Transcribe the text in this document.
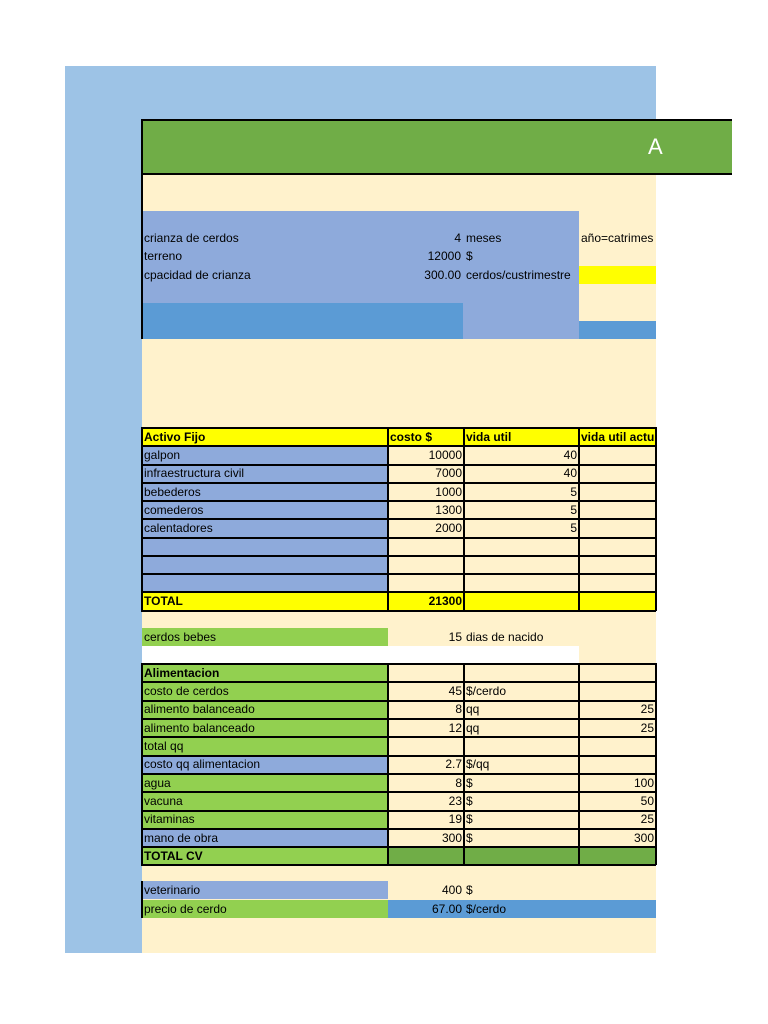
A
crianza de cerdos	4 meses	año=catrimes
terreno	12000 $
cpacidad de crianza	300.00 cerdos/custrimestre
Activo Fijo	costo $	vida util	vida util actu
galpon	10000	40
infraestructura civil	7000	40
bebederos	1000	5
comederos	1300	5
calentadores	2000	5
TOTAL	21300
cerdos bebes	15 dias de nacido
Alimentacion
costo de cerdos	45 $/cerdo
alimento balanceado	8 qq	25
alimento balanceado	12 qq	25
total qq
costo qq alimentacion	2.7 $/qq
agua	8 $	100
vacuna	23 $	50
vitaminas	19 $	25
mano de obra	300 $	300
TOTAL CV
veterinario	400 $
precio de cerdo	67.00 $/cerdo
